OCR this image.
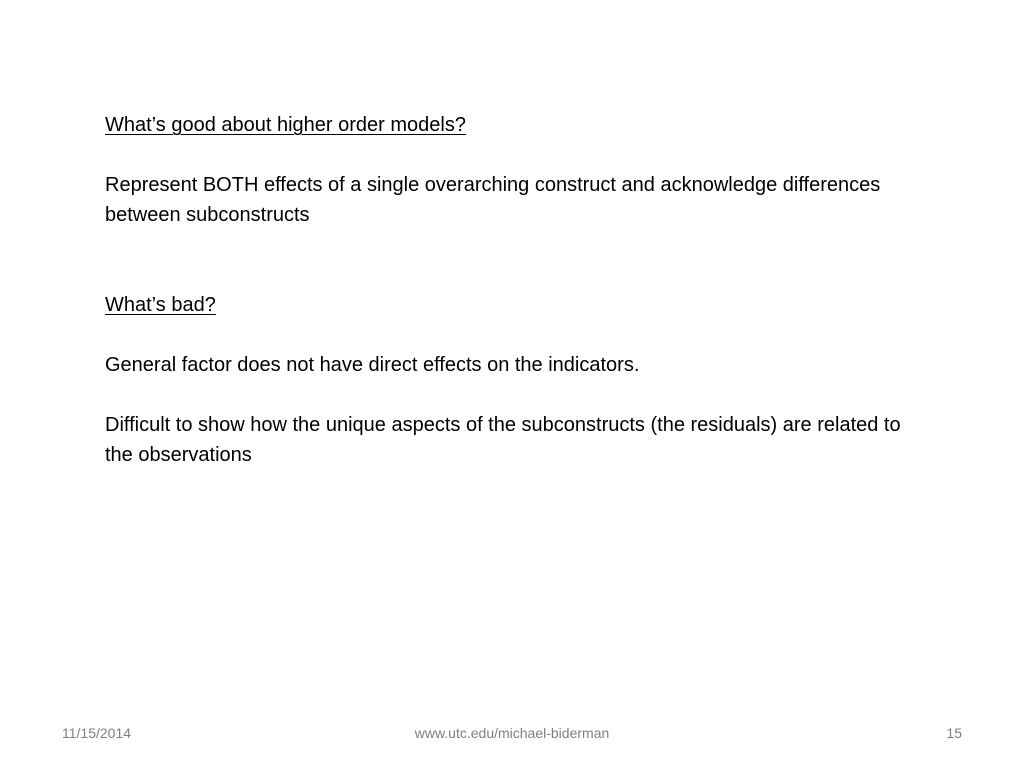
What’s good about higher order models?

Represent BOTH effects of a single overarching construct and acknowledge differences between subconstructs

What’s bad?

General factor does not have direct effects on the indicators.

Difficult to show how the unique aspects of the subconstructs (the residuals) are related to the observations

11/15/2014	www.utc.edu/michael-biderman	15
